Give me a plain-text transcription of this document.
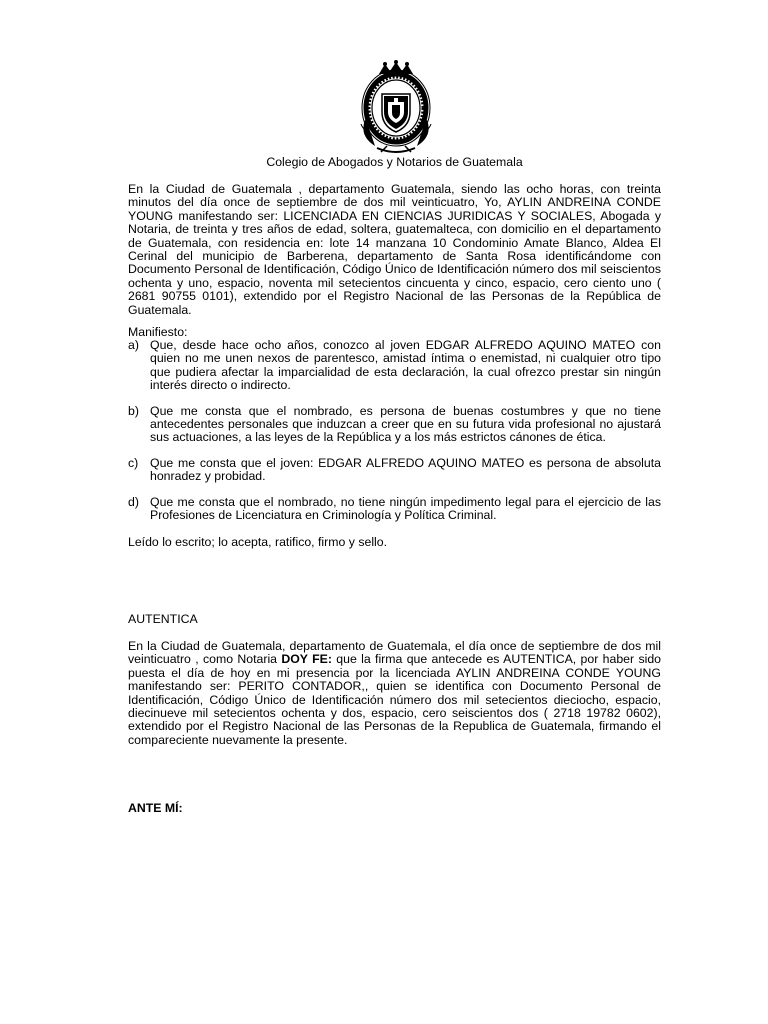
Colegio de Abogados y Notarios de Guatemala
En la Ciudad de Guatemala , departamento Guatemala, siendo las ocho horas, con treinta minutos del día once de septiembre de dos mil veinticuatro, Yo, AYLIN ANDREINA CONDE YOUNG manifestando ser: LICENCIADA EN CIENCIAS JURIDICAS Y SOCIALES, Abogada y Notaria, de treinta y tres años de edad, soltera, guatemalteca, con domicilio en el departamento de Guatemala, con residencia en: lote 14 manzana 10 Condominio Amate Blanco, Aldea El Cerinal del municipio de Barberena, departamento de Santa Rosa identificándome con Documento Personal de Identificación, Código Único de Identificación número dos mil seiscientos ochenta y uno, espacio, noventa mil setecientos cincuenta y cinco, espacio, cero ciento uno ( 2681 90755 0101), extendido por el Registro Nacional de las Personas de la República de Guatemala.
Manifiesto:
a) Que, desde hace ocho años, conozco al joven EDGAR ALFREDO AQUINO MATEO con quien no me unen nexos de parentesco, amistad íntima o enemistad, ni cualquier otro tipo que pudiera afectar la imparcialidad de esta declaración, la cual ofrezco prestar sin ningún interés directo o indirecto.
b) Que me consta que el nombrado, es persona de buenas costumbres y que no tiene antecedentes personales que induzcan a creer que en su futura vida profesional no ajustará sus actuaciones, a las leyes de la República y a los más estrictos cánones de ética.
c) Que me consta que el joven: EDGAR ALFREDO AQUINO MATEO es persona de absoluta honradez y probidad.
d) Que me consta que el nombrado, no tiene ningún impedimento legal para el ejercicio de las Profesiones de Licenciatura en Criminología y Política Criminal.
Leído lo escrito; lo acepta, ratifico, firmo y sello.
AUTENTICA
En la Ciudad de Guatemala, departamento de Guatemala, el día once de septiembre de dos mil veinticuatro , como Notaria DOY FE: que la firma que antecede es AUTENTICA, por haber sido puesta el día de hoy en mi presencia por la licenciada AYLIN ANDREINA CONDE YOUNG manifestando ser: PERITO CONTADOR,, quien se identifica con Documento Personal de Identificación, Código Único de Identificación número dos mil setecientos dieciocho, espacio, diecinueve mil setecientos ochenta y dos, espacio, cero seiscientos dos ( 2718 19782 0602), extendido por el Registro Nacional de las Personas de la Republica de Guatemala, firmando el compareciente nuevamente la presente.
ANTE MÍ:
